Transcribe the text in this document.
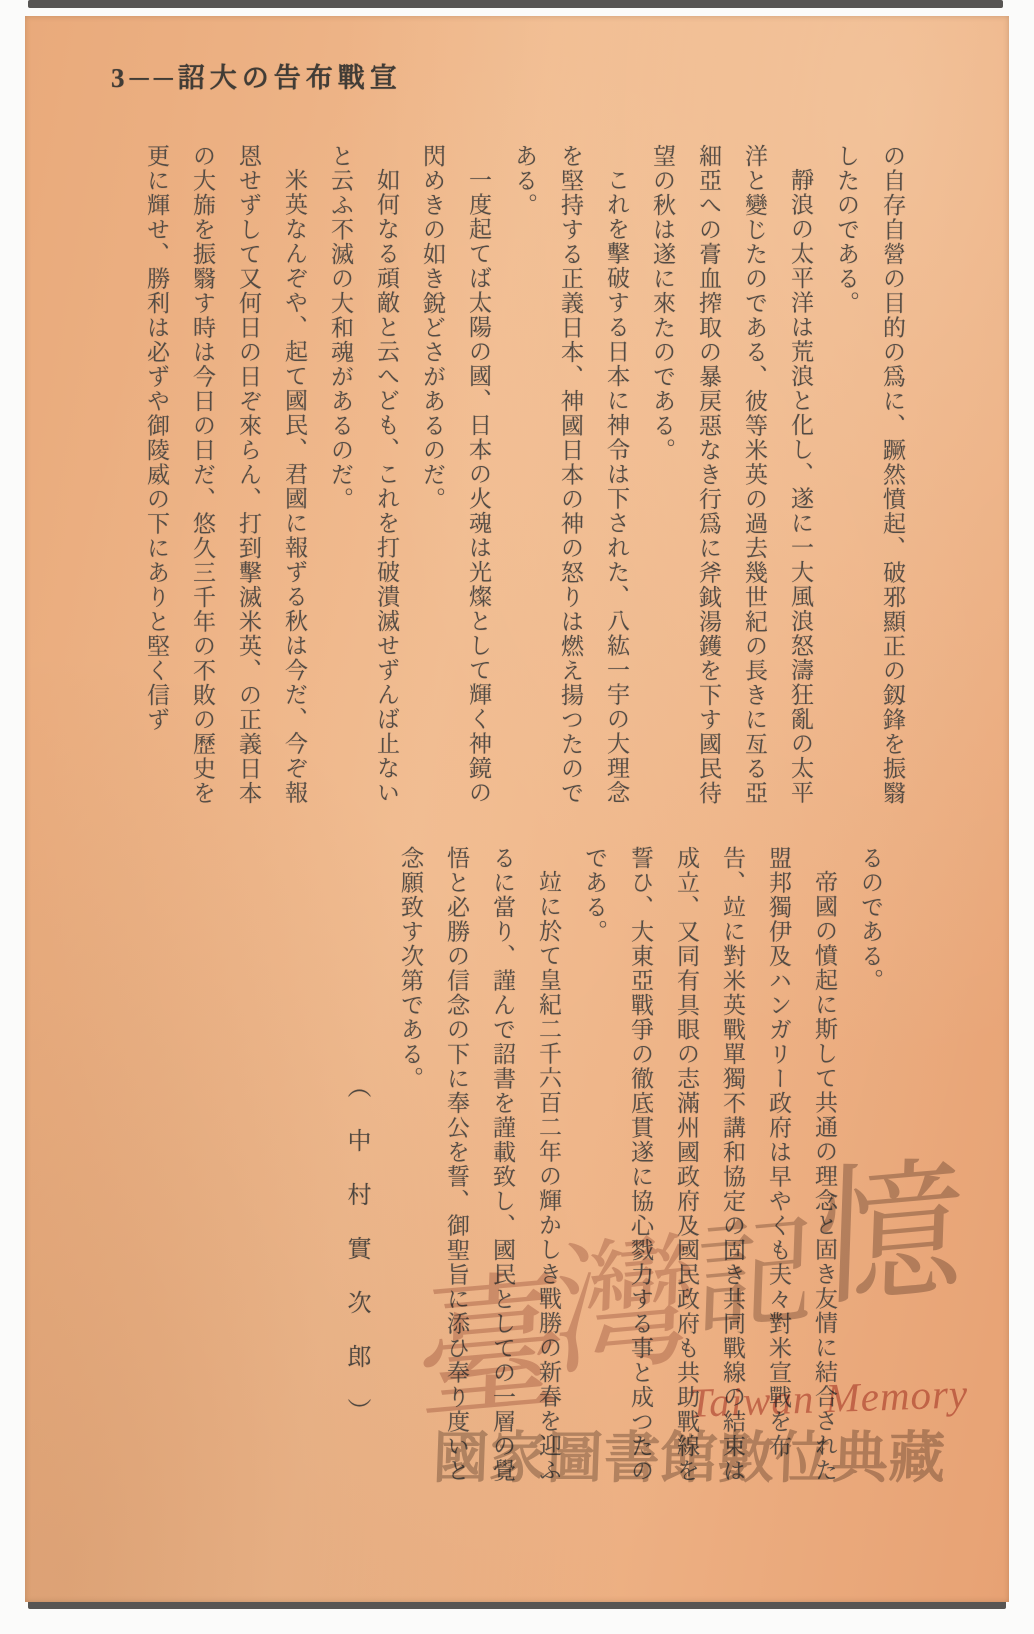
3──詔大の告布戰宣

の自存自營の目的の爲に、蹶然憤起、破邪顯正の釼鋒を振翳したのである。

靜浪の太平洋は荒浪と化し、遂に一大風浪怒濤狂亂の太平洋と變じたのである、彼等米英の過去幾世紀の長きに亙る亞細亞への膏血搾取の暴戻惡なき行爲に斧鉞湯鑊を下す國民待望の秋は遂に來たのである。

これを擊破する日本に神令は下された、八紘一宇の大理念を堅持する正義日本、神國日本の神の怒りは燃え揚つたのである。

一度起てば太陽の國、日本の火魂は光燦として輝く神鏡の閃めきの如き銳どさがあるのだ。

如何なる頑敵と云へども、これを打破潰滅せずんば止ないと云ふ不滅の大和魂があるのだ。

米英なんぞや、起て國民、君國に報ずる秋は今だ、今ぞ報恩せずして又何日の日ぞ來らん、打到擊滅米英、の正義日本の大旆を振翳す時は今日の日だ、悠久三千年の不敗の歷史を更に輝せ、勝利は必ずや御陵威の下にありと堅く信ず

るのである。

帝國の憤起に斯して共通の理念と固き友情に結合された盟邦獨伊及ハンガリー政府は早やくも夫々對米宣戰を布告、竝に對米英戰單獨不講和協定の固き共同戰線の結束は成立、又同有具眼の志滿州國政府及國民政府も共助戰線を誓ひ、大東亞戰爭の徹底貫遂に協心戮力する事と成つたのである。

竝に於て皇紀二千六百二年の輝かしき戰勝の新春を迎ふるに當り、謹んで詔書を謹載致し、國民としての一層の覺悟と必勝の信念の下に奉公を誓、御聖旨に添ひ奉り度いと念願致す次第である。

（中村實次郎） 臺灣記憶
Taiwan Memory
國家圖書館數位典藏
